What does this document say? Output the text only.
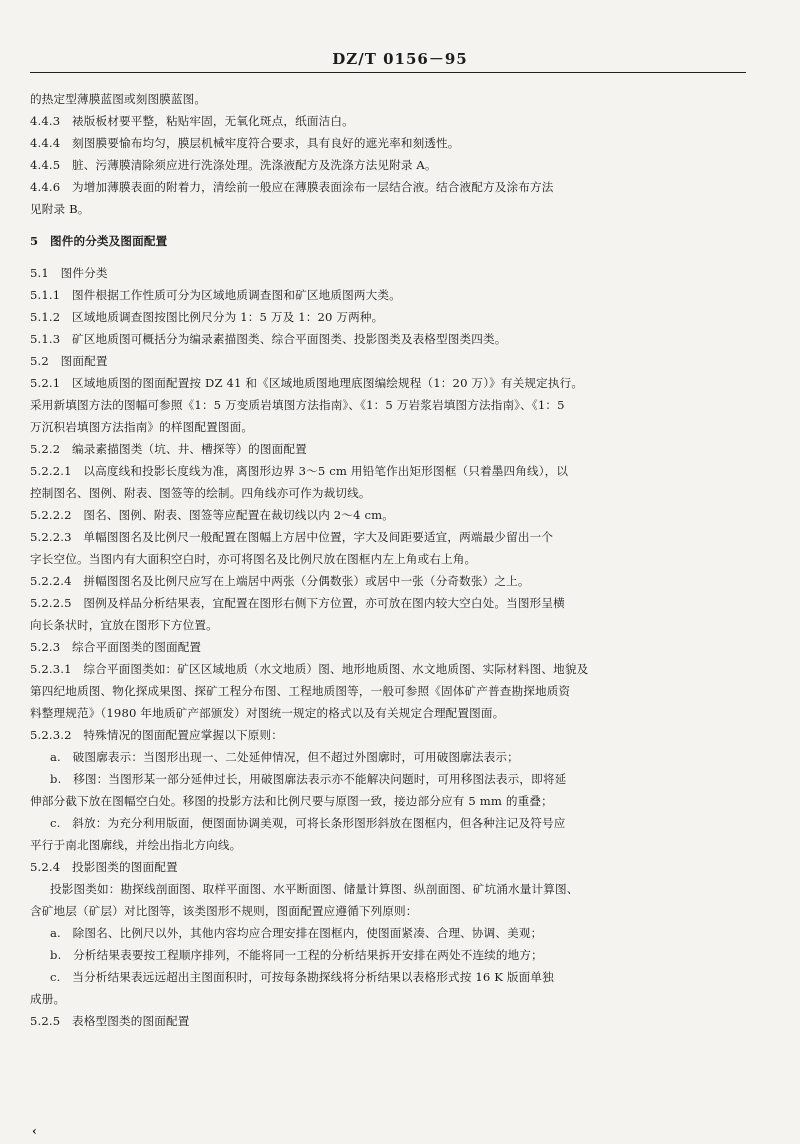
DZ/T 0156－95

的热定型薄膜蓝图或刻图膜蓝图。

4.4.3　裱版板材要平整，粘贴牢固，无氧化斑点，纸面洁白。

4.4.4　刻图膜要愉布均匀，膜层机械牢度符合要求，具有良好的遮光率和刻透性。

4.4.5　脏、污薄膜清除须应进行洗涤处理。洗涤液配方及洗涤方法见附录 A。

4.4.6　为增加薄膜表面的附着力，清绘前一般应在薄膜表面涂布一层结合液。结合液配方及涂布方法

见附录 B。

5　图件的分类及图面配置

5.1　图件分类

5.1.1　图件根据工作性质可分为区域地质调查图和矿区地质图两大类。

5.1.2　区域地质调查图按图比例尺分为 1：5 万及 1：20 万两种。

5.1.3　矿区地质图可概括分为编录素描图类、综合平面图类、投影图类及表格型图类四类。

5.2　图面配置

5.2.1　区域地质图的图面配置按 DZ 41 和《区域地质图地理底图编绘规程（1：20 万）》有关规定执行。

采用新填图方法的图幅可参照《1：5 万变质岩填图方法指南》、《1：5 万岩浆岩填图方法指南》、《1：5

万沉积岩填图方法指南》的样图配置图面。

5.2.2　编录素描图类（坑、井、槽探等）的图面配置

5.2.2.1　以高度线和投影长度线为准，离图形边界 3～5 cm 用铅笔作出矩形图框（只着墨四角线），以

控制图名、图例、附表、图签等的绘制。四角线亦可作为裁切线。

5.2.2.2　图名、图例、附表、图签等应配置在裁切线以内 2～4 cm。

5.2.2.3　单幅图图名及比例尺一般配置在图幅上方居中位置，字大及间距要适宜，两端最少留出一个

字长空位。当图内有大面积空白时，亦可将图名及比例尺放在图框内左上角或右上角。

5.2.2.4　拼幅图图名及比例尺应写在上端居中两张（分偶数张）或居中一张（分奇数张）之上。

5.2.2.5　图例及样品分析结果表，宜配置在图形右侧下方位置，亦可放在图内较大空白处。当图形呈横

向长条状时，宜放在图形下方位置。

5.2.3　综合平面图类的图面配置

5.2.3.1　综合平面图类如：矿区区域地质（水文地质）图、地形地质图、水文地质图、实际材料图、地貌及

第四纪地质图、物化探成果图、探矿工程分布图、工程地质图等，一般可参照《固体矿产普查勘探地质资

料整理规范》（1980 年地质矿产部颁发）对图统一规定的格式以及有关规定合理配置图面。

5.2.3.2　特殊情况的图面配置应掌握以下原则：

a.　破图廓表示：当图形出现一、二处延伸情况，但不超过外图廓时，可用破图廓法表示；

b.　移图：当图形某一部分延伸过长，用破图廓法表示亦不能解决问题时，可用移图法表示，即将延

伸部分截下放在图幅空白处。移图的投影方法和比例尺要与原图一致，接边部分应有 5 mm 的重叠；

c.　斜放：为充分利用版面，便图面协调美观，可将长条形图形斜放在图框内，但各种注记及符号应

平行于南北图廓线，并绘出指北方向线。

5.2.4　投影图类的图面配置

投影图类如：勘探线剖面图、取样平面图、水平断面图、储量计算图、纵剖面图、矿坑涌水量计算图、

含矿地层（矿层）对比图等，该类图形不规则，图面配置应遵循下列原则：

a.　除图名、比例尺以外，其他内容均应合理安排在图框内，使图面紧凑、合理、协调、美观；

b.　分析结果表要按工程顺序排列，不能将同一工程的分析结果拆开安排在两处不连续的地方；

c.　当分析结果表远远超出主图面积时，可按每条勘探线将分析结果以表格形式按 16 K 版面单独

成册。

5.2.5　表格型图类的图面配置

‹
